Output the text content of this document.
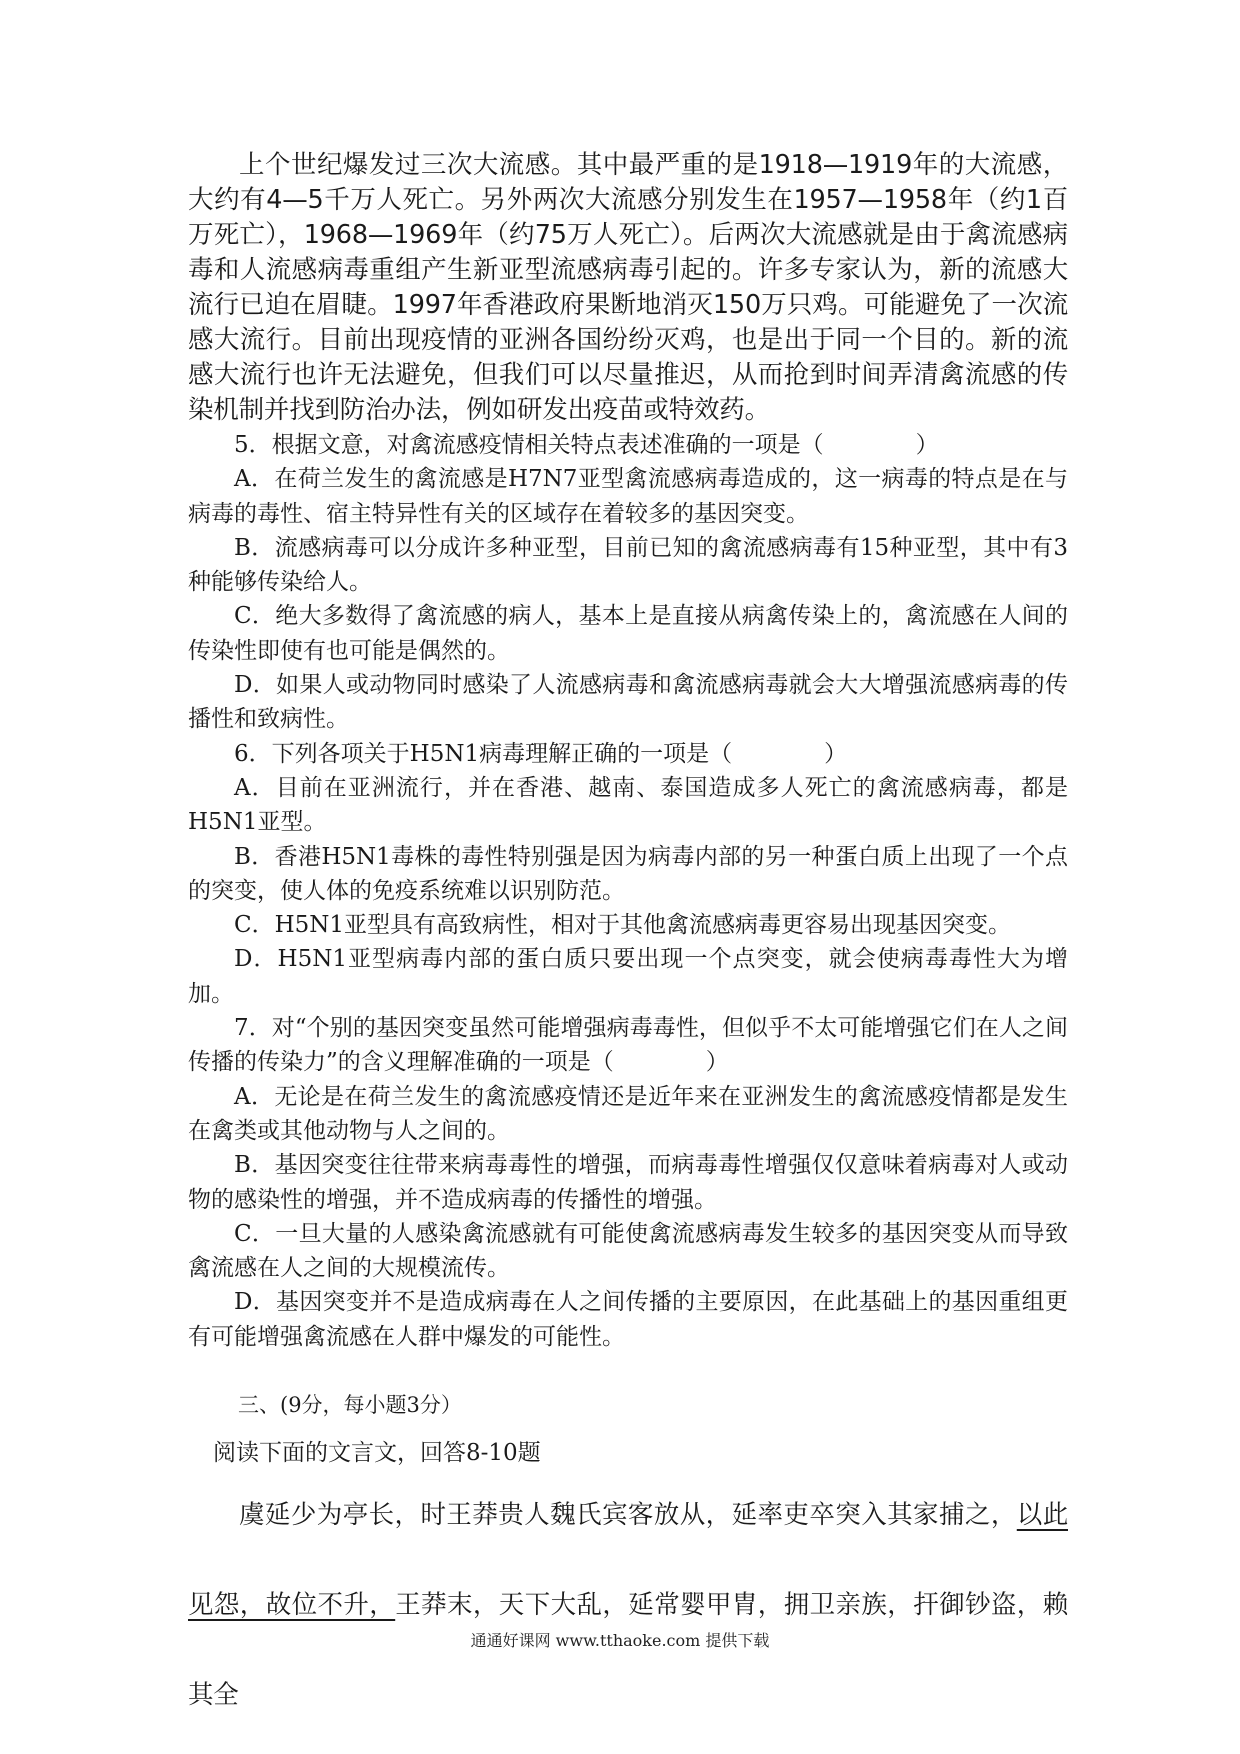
上个世纪爆发过三次大流感。其中最严重的是1918—1919年的大流感，大约有4—5千万人死亡。另外两次大流感分别发生在1957—1958年（约1百万死亡），1968—1969年（约75万人死亡）。后两次大流感就是由于禽流感病毒和人流感病毒重组产生新亚型流感病毒引起的。许多专家认为，新的流感大流行已迫在眉睫。1997年香港政府果断地消灭150万只鸡。可能避免了一次流感大流行。目前出现疫情的亚洲各国纷纷灭鸡，也是出于同一个目的。新的流感大流行也许无法避免，但我们可以尽量推迟，从而抢到时间弄清禽流感的传染机制并找到防治办法，例如研发出疫苗或特效药。

5．根据文意，对禽流感疫情相关特点表述准确的一项是（　　　　）

A．在荷兰发生的禽流感是H7N7亚型禽流感病毒造成的，这一病毒的特点是在与病毒的毒性、宿主特异性有关的区域存在着较多的基因突变。

B．流感病毒可以分成许多种亚型，目前已知的禽流感病毒有15种亚型，其中有3种能够传染给人。

C．绝大多数得了禽流感的病人，基本上是直接从病禽传染上的，禽流感在人间的传染性即使有也可能是偶然的。

D．如果人或动物同时感染了人流感病毒和禽流感病毒就会大大增强流感病毒的传播性和致病性。

6．下列各项关于H5N1病毒理解正确的一项是（　　　　）

A．目前在亚洲流行，并在香港、越南、泰国造成多人死亡的禽流感病毒，都是H5N1亚型。

B．香港H5N1毒株的毒性特别强是因为病毒内部的另一种蛋白质上出现了一个点的突变，使人体的免疫系统难以识别防范。

C．H5N1亚型具有高致病性，相对于其他禽流感病毒更容易出现基因突变。

D．H5N1亚型病毒内部的蛋白质只要出现一个点突变，就会使病毒毒性大为增加。

7．对“个别的基因突变虽然可能增强病毒毒性，但似乎不太可能增强它们在人之间传播的传染力”的含义理解准确的一项是（　　　　）

A．无论是在荷兰发生的禽流感疫情还是近年来在亚洲发生的禽流感疫情都是发生在禽类或其他动物与人之间的。

B．基因突变往往带来病毒毒性的增强，而病毒毒性增强仅仅意味着病毒对人或动物的感染性的增强，并不造成病毒的传播性的增强。

C．一旦大量的人感染禽流感就有可能使禽流感病毒发生较多的基因突变从而导致禽流感在人之间的大规模流传。

D．基因突变并不是造成病毒在人之间传播的主要原因，在此基础上的基因重组更有可能增强禽流感在人群中爆发的可能性。

三、(9分，每小题3分）

阅读下面的文言文，回答8-10题

虞延少为亭长，时王莽贵人魏氏宾客放从，延率吏卒突入其家捕之，以此见怨，故位不升，王莽末，天下大乱，延常婴甲胄，拥卫亲族，扞御钞盗，赖其全

通通好课网 www.tthaoke.com 提供下载
